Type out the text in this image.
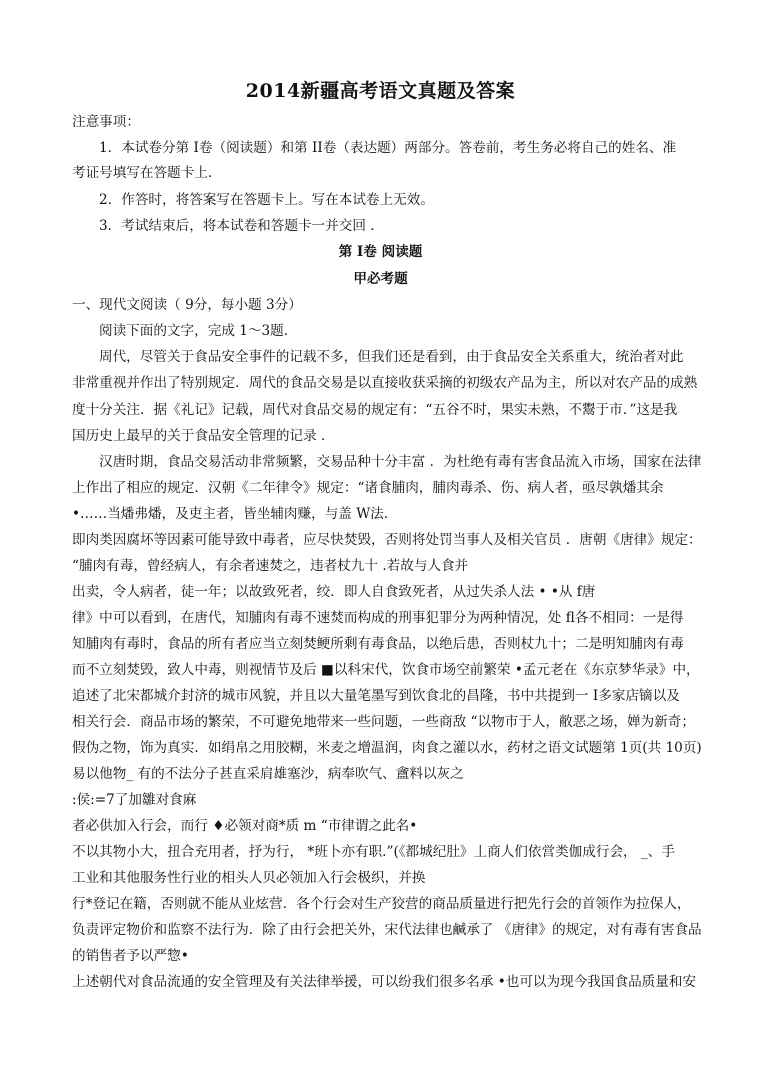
2014新疆高考语文真题及答案
注意事项：
1．本试卷分第 I卷（阅读题）和第 II卷（表达题）两部分。答卷前，考生务必将自己的姓名、准
考证号填写在答题卡上．
2．作答时，将答案写在答题卡上。写在本试卷上无效。
3．考试结束后，将本试卷和答题卡一并交回 ．
第 I卷 阅读题
甲必考题
一、现代文阅读（ 9分，每小题 3分）
阅读下面的文字，完成 1～3题.
周代，尽管关于食品安全事件的记载不多，但我们还是看到，由于食品安全关系重大，统治者对此
非常重视并作出了特别规定．周代的食品交易是以直接收获采摘的初级农产品为主，所以对农产品的成熟
度十分关注．据《礼记》记载，周代对食品交易的规定有：“五谷不时，果实未熟，不鬻于市．”这是我
国历史上最早的关于食品安全管理的记录 ．
汉唐时期，食品交易活动非常频繁，交易品种十分丰富 ．为杜绝有毒有害食品流入市场，国家在法律
上作出了相应的规定．汉朝《二年律令》规定：“诸食脯肉，脯肉毒杀、伤、病人者，亟尽孰燔其余
•……当燔弗燔，及吏主者，皆坐辅肉赚，与盖 W法.
即肉类因腐坏等因素可能导致中毒者，应尽快焚毁，否则将处罚当事人及相关官员 ．唐朝《唐律》规定：
“脯肉有毒，曾经病人，有余者速焚之，违者杖九十 .若故与人食并
出卖，令人病者，徒一年；以故致死者，绞．即人自食致死者，从过失杀人法 • •从 f唐
律》中可以看到，在唐代，知脯肉有毒不速焚而构成的刑事犯罪分为两种情况，处 fl各不相同：一是得
知脯肉有毒时，食品的所有者应当立刻焚鲠所剩有毒食品，以绝后患，否则杖九十；二是明知脯肉有毒
而不立刻焚毁，致人中毒，则视情节及后 ■以科宋代，饮食市场空前繁荣 •孟元老在《东京梦华录》中，
追述了北宋都城介封济的城市风貌，并且以大量笔墨写到饮食北的昌隆，书中共提到一 I多家店镝以及
相关行会．商品市场的繁荣，不可避免地带来一些问题，一些商敌 “以物市于人，敝恶之场，婵为新奇；
假伪之物，饰为真实．如绢帛之用胶糊，米麦之增温润，肉食之灌以水，药材之语文试题第 1页(共 10页)
易以他物_ 有的不法分子甚直采肩雄塞沙，病奉吹气、盦料以灰之
:侯:=7了加雛对食麻
者必供加入行会，而行 ♦必领对商*质 m “市律谓之此名•
不以其物小大，扭合充用者，抒为行， *班卜亦有职.”(《都城纪肚》丄商人们依営类伽成行会， _、手
工业和其他服务性行业的相头人贝必领加入行会极织，并换
行*登记在籍，否则就不能从业炫营．各个行会对生产狡营的商品质量进行把先行会的首领作为拉保人，
负责评定物价和监察不法行为．除了由行会把关外，宋代法律也鹹承了 《唐律》的规定，对有毒有害食品
的销售者予以严惣•
上述朝代对食品流通的安全管理及有关法律举援，可以纷我们很多名承 •也可以为现今我国食品质量和安
